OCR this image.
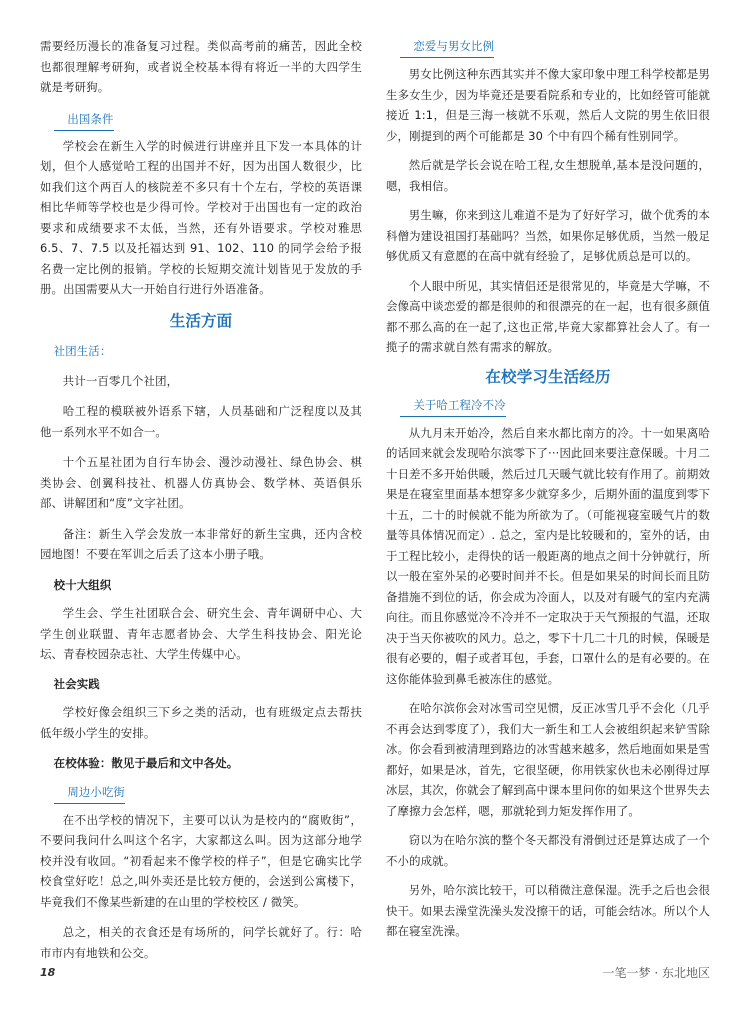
需要经历漫长的准备复习过程。类似高考前的痛苦，因此全校也都很理解考研狗，或者说全校基本得有将近一半的大四学生就是考研狗。

出国条件

学校会在新生入学的时候进行讲座并且下发一本具体的计划，但个人感觉哈工程的出国并不好，因为出国人数很少，比如我们这个两百人的核院差不多只有十个左右，学校的英语课相比华师等学校也是少得可怜。学校对于出国也有一定的政治要求和成绩要求不太低，当然，还有外语要求。学校对雅思6.5、7、7.5 以及托福达到 91、102、110 的同学会给予报名费一定比例的报销。学校的长短期交流计划皆见于发放的手册。出国需要从大一开始自行进行外语准备。

生活方面

社团生活：

共计一百零几个社团，

哈工程的模联被外语系下辖，人员基础和广泛程度以及其他一系列水平不如合一。

十个五星社团为自行车协会、漫沙动漫社、绿色协会、棋类协会、创翼科技社、机器人仿真协会、数学林、英语俱乐部、讲解团和“度”文字社团。

备注：新生入学会发放一本非常好的新生宝典，还内含校园地图！不要在军训之后丢了这本小册子哦。

校十大组织

学生会、学生社团联合会、研究生会、青年调研中心、大学生创业联盟、青年志愿者协会、大学生科技协会、阳光论坛、青春校园杂志社、大学生传媒中心。

社会实践

学校好像会组织三下乡之类的活动，也有班级定点去帮扶低年级小学生的安排。

在校体验：散见于最后和文中各处。

周边小吃街

在不出学校的情况下，主要可以认为是校内的“腐败街”，不要问我问什么叫这个名字，大家都这么叫。因为这部分地学校并没有收回。“初看起来不像学校的样子”，但是它确实比学校食堂好吃！总之,叫外卖还是比较方便的，会送到公寓楼下，毕竟我们不像某些新建的在山里的学校校区 / 微笑。

总之，相关的衣食还是有场所的，问学长就好了。行：哈市市内有地铁和公交。

恋爱与男女比例

男女比例这种东西其实并不像大家印象中理工科学校都是男生多女生少，因为毕竟还是要看院系和专业的，比如经管可能就接近 1:1，但是三海一核就不乐观，然后人文院的男生依旧很少，刚提到的两个可能都是 30 个中有四个稀有性别同学。

然后就是学长会说在哈工程,女生想脱单,基本是没问题的，嗯，我相信。

男生嘛，你来到这儿难道不是为了好好学习，做个优秀的本科僧为建设祖国打基础吗？当然，如果你足够优质，当然一般足够优质又有意愿的在高中就有经验了，足够优质总是可以的。

个人眼中所见，其实情侣还是很常见的，毕竟是大学嘛，不会像高中谈恋爱的都是很帅的和很漂亮的在一起，也有很多颜值都不那么高的在一起了,这也正常,毕竟大家都算社会人了。有一揽子的需求就自然有需求的解放。

在校学习生活经历

关于哈工程冷不冷

从九月末开始冷，然后自来水都比南方的冷。十一如果离哈的话回来就会发现哈尔滨零下了···因此回来要注意保暖。十月二十日差不多开始供暖，然后过几天暖气就比较有作用了。前期效果是在寝室里面基本想穿多少就穿多少，后期外面的温度到零下十五，二十的时候就不能为所欲为了。（可能视寝室暖气片的数量等具体情况而定）. 总之，室内是比较暖和的，室外的话，由于工程比较小，走得快的话一般距离的地点之间十分钟就行，所以一般在室外呆的必要时间并不长。但是如果呆的时间长而且防备措施不到位的话，你会成为冷面人，以及对有暖气的室内充满向往。而且你感觉冷不冷并不一定取决于天气预报的气温，还取决于当天你被吹的风力。总之，零下十几二十几的时候，保暖是很有必要的，帽子或者耳包，手套，口罩什么的是有必要的。在这你能体验到鼻毛被冻住的感觉。

在哈尔滨你会对冰雪司空见惯，反正冰雪几乎不会化（几乎不再会达到零度了），我们大一新生和工人会被组织起来铲雪除冰。你会看到被清理到路边的冰雪越来越多，然后地面如果是雪都好，如果是冰，首先，它很坚硬，你用铁家伙也未必刚得过厚冰层，其次，你就会了解到高中课本里问你的如果这个世界失去了摩擦力会怎样，嗯，那就轮到力矩发挥作用了。

窃以为在哈尔滨的整个冬天都没有滑倒过还是算达成了一个不小的成就。

另外，哈尔滨比较干，可以稍微注意保湿。洗手之后也会很快干。如果去澡堂洗澡头发没擦干的话，可能会结冰。所以个人都在寝室洗澡。

18	一笔一梦 · 东北地区
